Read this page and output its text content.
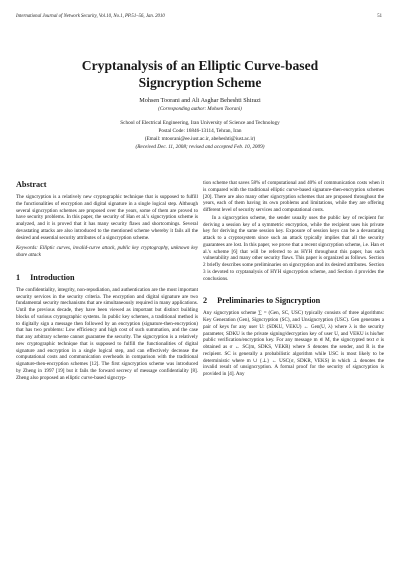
International Journal of Network Security, Vol.10, No.1, PP.51–56, Jan. 2010	51
Cryptanalysis of an Elliptic Curve-based
Signcryption Scheme
Mohsen Toorani and Ali Asghar Beheshti Shirazi
(Corresponding author: Mohsen Toorani)
School of Electrical Engineering, Iran University of Science and Technology
Postal Code: 16846-13114, Tehran, Iran
(Email: mtoorani@ee.iust.ac.ir, abeheshti@iust.ac.ir)
(Received Dec. 11, 2008; revised and accepted Feb. 10, 2009)
Abstract

The signcryption is a relatively new cryptographic technique that is supposed to fulfill the functionalities of encryption and digital signature in a single logical step. Although several signcryption schemes are proposed over the years, some of them are proved to have security problems. In this paper, the security of Han et al.'s signcryption scheme is analyzed, and it is proved that it has many security flaws and shortcomings. Several devastating attacks are also introduced to the mentioned scheme whereby it fails all the desired and essential security attributes of a signcryption scheme.

Keywords: Elliptic curves, invalid-curve attack, public key cryptography, unknown key share attack
1 Introduction

The confidentiality, integrity, non-repudiation, and authentication are the most important security services in the security criteria. The encryption and digital signature are two fundamental security mechanisms that are simultaneously required in many applications. Until the previous decade, they have been viewed as important but distinct building blocks of various cryptographic systems. In public key schemes, a traditional method is to digitally sign a message then followed by an encryption (signature-then-encryption) that has two problems: Low efficiency and high cost of such summation, and the case that any arbitrary scheme cannot guarantee the security. The signcryption is a relatively new cryptographic technique that is supposed to fulfill the functionalities of digital signature and encryption in a single logical step, and can effectively decrease the computational costs and communication overheads in comparison with the traditional signature-then-encryption schemes [12]. The first signcryption scheme was introduced by Zheng in 1997 [19] but it fails the forward secrecy of message confidentiality [8]. Zheng also proposed an elliptic curve-based signcryp-

tion scheme that saves 58% of computational and 40% of communication costs when it is compared with the traditional elliptic curve-based signature-then-encryption schemes [20]. There are also many other signcryption schemes that are proposed throughout the years, each of them having its own problems and limitations, while they are offering different level of security services and computational costs.

In a signcryption scheme, the sender usually uses the public key of recipient for deriving a session key of a symmetric encryption, while the recipient uses his private key for deriving the same session key. Exposure of session keys can be a devastating attack to a cryptosystem since such an attack typically implies that all the security guarantees are lost. In this paper, we prove that a recent signcryption scheme, i.e. Han et al.'s scheme [6] that will be referred to as HYH throughout this paper, has such vulnerability and many other security flaws. This paper is organized as follows. Section 2 briefly describes some preliminaries on signcryption and its desired attributes. Section 3 is devoted to cryptanalysis of HYH signcryption scheme, and Section 4 provides the conclusions.

2 Preliminaries to Signcryption

Any signcryption scheme ∑ = (Gen, SC, USC) typically consists of three algorithms: Key Generation (Gen), Signcryption (SC), and Unsigncryption (USC). Gen generates a pair of keys for any user U: (SDKU, VEKU) ← Gen(U, λ) where λ is the security parameter, SDKU is the private signing/decryption key of user U, and VEKU is his/her public verification/encryption key. For any message m ∈ M, the signcrypted text σ is obtained as σ ← SC(m, SDKS, VEKR) where S denotes the sender, and R is the recipient. SC is generally a probabilistic algorithm while USC is most likely to be deterministic where m ∪ {⊥} ← USC(σ, SDKR, VEKS) in which ⊥ denotes the invalid result of unsigncryption. A formal proof for the security of signcryption is provided in [4]. Any
